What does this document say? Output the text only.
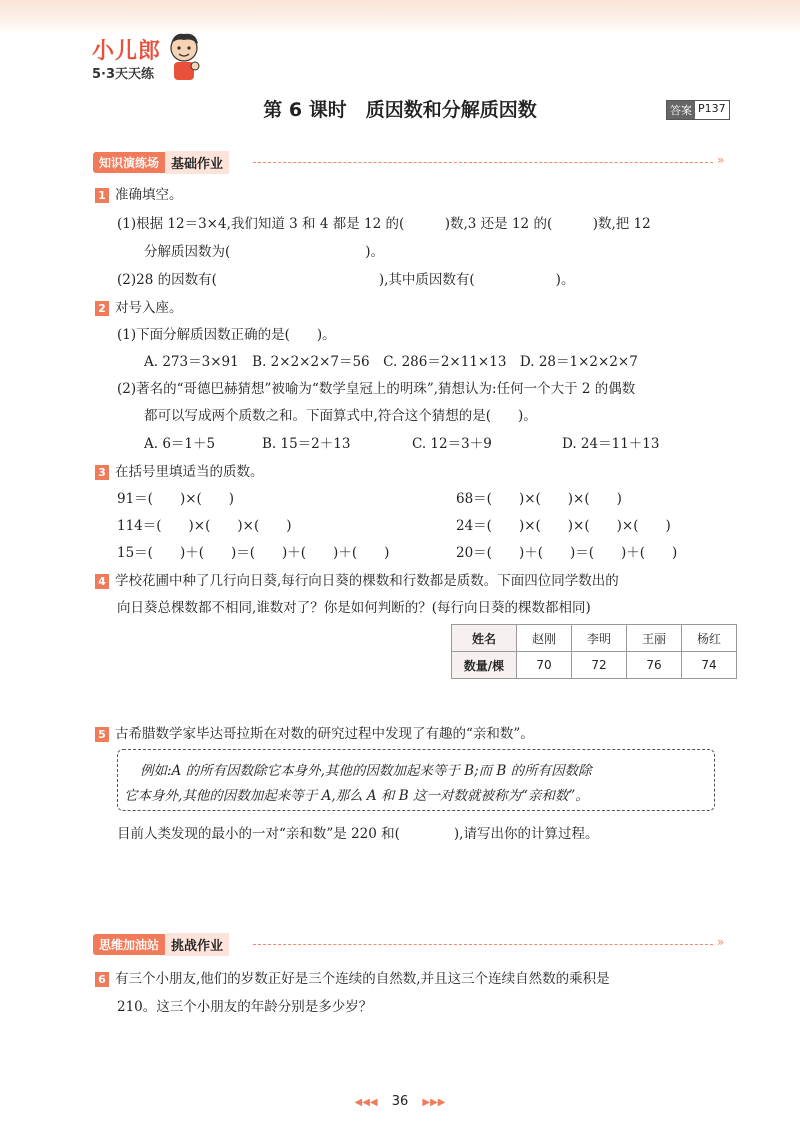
小儿郎
5·3天天练
第 6 课时　质因数和分解质因数	答案 P137
知识演练场 基础作业	»
1 准确填空。
(1)根据 12＝3×4,我们知道 3 和 4 都是 12 的(　　　)数,3 还是 12 的(　　　)数,把 12
分解质因数为(　　　　　　　　　　)。
(2)28 的因数有(　　　　　　　　　　　　),其中质因数有(　　　　　　)。
2 对号入座。
(1)下面分解质因数正确的是(　　)。
A. 273＝3×91　B. 2×2×2×7＝56　C. 286＝2×11×13　D. 28＝1×2×2×7
(2)著名的“哥德巴赫猜想”被喻为“数学皇冠上的明珠”,猜想认为:任何一个大于 2 的偶数
都可以写成两个质数之和。下面算式中,符合这个猜想的是(　　)。
A. 6＝1＋5	B. 15＝2＋13	C. 12＝3＋9	D. 24＝11＋13
3 在括号里填适当的质数。
91＝(　　)×(　　)	68＝(　　)×(　　)×(　　)
114＝(　　)×(　　)×(　　)	24＝(　　)×(　　)×(　　)×(　　)
15＝(　　)＋(　　)＝(　　)＋(　　)＋(　　)	20＝(　　)＋(　　)＝(　　)＋(　　)
4 学校花圃中种了几行向日葵,每行向日葵的棵数和行数都是质数。下面四位同学数出的
向日葵总棵数都不相同,谁数对了？你是如何判断的？(每行向日葵的棵数都相同)
姓名	赵刚	李明	王丽	杨红
数量/棵	70	72	76	74
5 古希腊数学家毕达哥拉斯在对数的研究过程中发现了有趣的“亲和数”。
例如:A 的所有因数除它本身外,其他的因数加起来等于 B;而 B 的所有因数除
它本身外,其他的因数加起来等于 A,那么 A 和 B 这一对数就被称为“亲和数”。
目前人类发现的最小的一对“亲和数”是 220 和(　　　　),请写出你的计算过程。
思维加油站 挑战作业	»
6 有三个小朋友,他们的岁数正好是三个连续的自然数,并且这三个连续自然数的乘积是
210。这三个小朋友的年龄分别是多少岁？
◀◀◀ 36 ▶▶▶
